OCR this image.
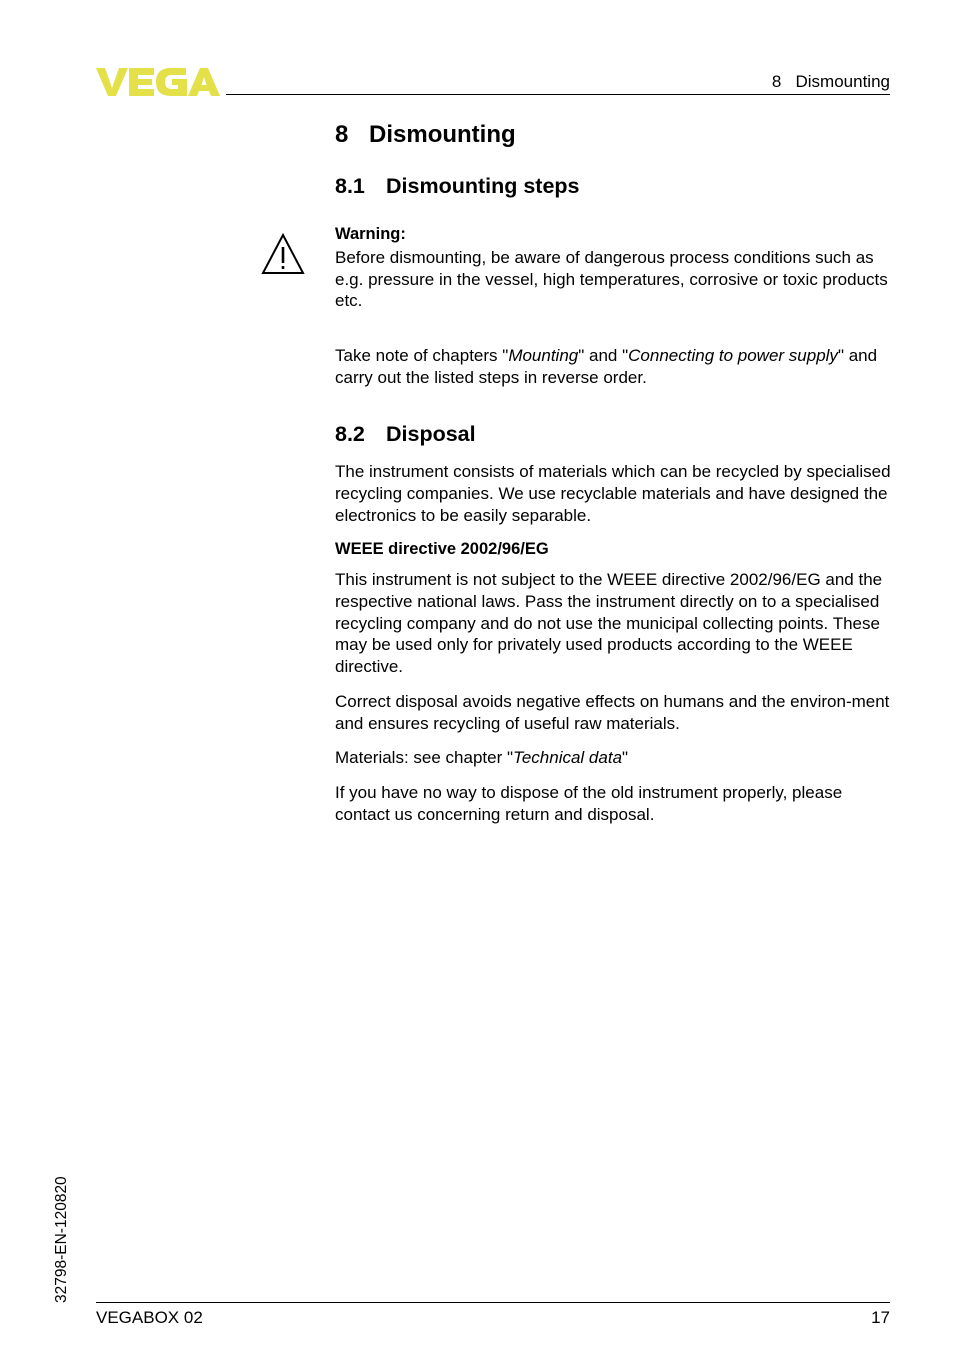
8   Dismounting
8 Dismounting
8.1 Dismounting steps

Warning:

Before dismounting, be aware of dangerous process conditions such as e.g. pressure in the vessel, high temperatures, corrosive or toxic products etc.

Take note of chapters "Mounting" and "Connecting to power supply" and carry out the listed steps in reverse order.

8.2 Disposal

The instrument consists of materials which can be recycled by specialised recycling companies. We use recyclable materials and have designed the electronics to be easily separable.

WEEE directive 2002/96/EG

This instrument is not subject to the WEEE directive 2002/96/EG and the respective national laws. Pass the instrument directly on to a specialised recycling company and do not use the municipal collecting points. These may be used only for privately used products according to the WEEE directive.

Correct disposal avoids negative effects on humans and the environ-ment and ensures recycling of useful raw materials.

Materials: see chapter "Technical data"

If you have no way to dispose of the old instrument properly, please contact us concerning return and disposal.

32798-EN-120820
VEGABOX 02	17
